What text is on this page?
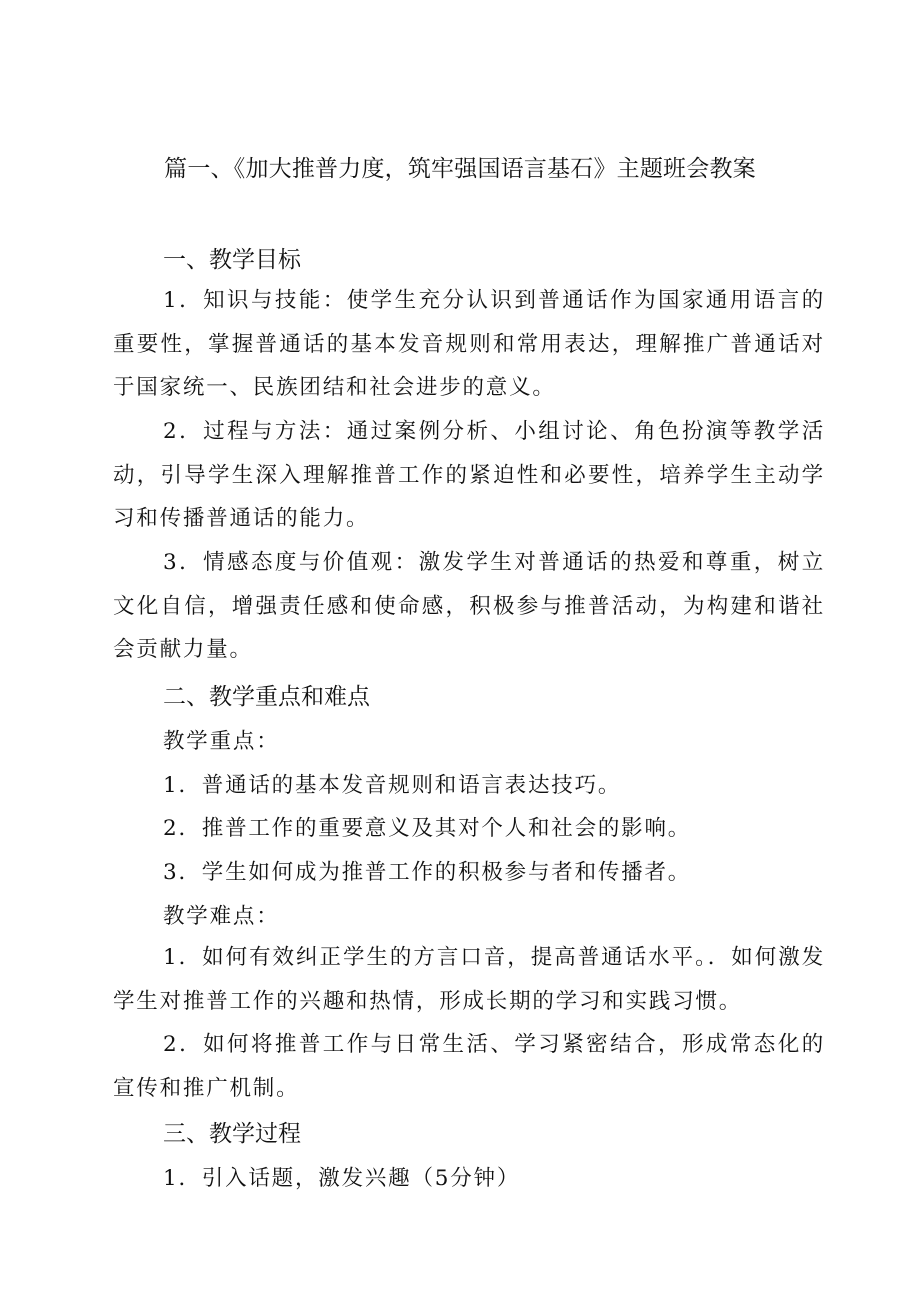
篇一、《加大推普力度，筑牢强国语言基石》主题班会教案
一、教学目标

1．知识与技能：使学生充分认识到普通话作为国家通用语言的重要性，掌握普通话的基本发音规则和常用表达，理解推广普通话对于国家统一、民族团结和社会进步的意义。

2．过程与方法：通过案例分析、小组讨论、角色扮演等教学活动，引导学生深入理解推普工作的紧迫性和必要性，培养学生主动学习和传播普通话的能力。

3．情感态度与价值观：激发学生对普通话的热爱和尊重，树立文化自信，增强责任感和使命感，积极参与推普活动，为构建和谐社会贡献力量。

二、教学重点和难点
教学重点：
1．普通话的基本发音规则和语言表达技巧。
2．推普工作的重要意义及其对个人和社会的影响。
3．学生如何成为推普工作的积极参与者和传播者。
教学难点：

1．如何有效纠正学生的方言口音，提高普通话水平。．如何激发学生对推普工作的兴趣和热情，形成长期的学习和实践习惯。

2．如何将推普工作与日常生活、学习紧密结合，形成常态化的宣传和推广机制。

三、教学过程
1．引入话题，激发兴趣（5分钟）
